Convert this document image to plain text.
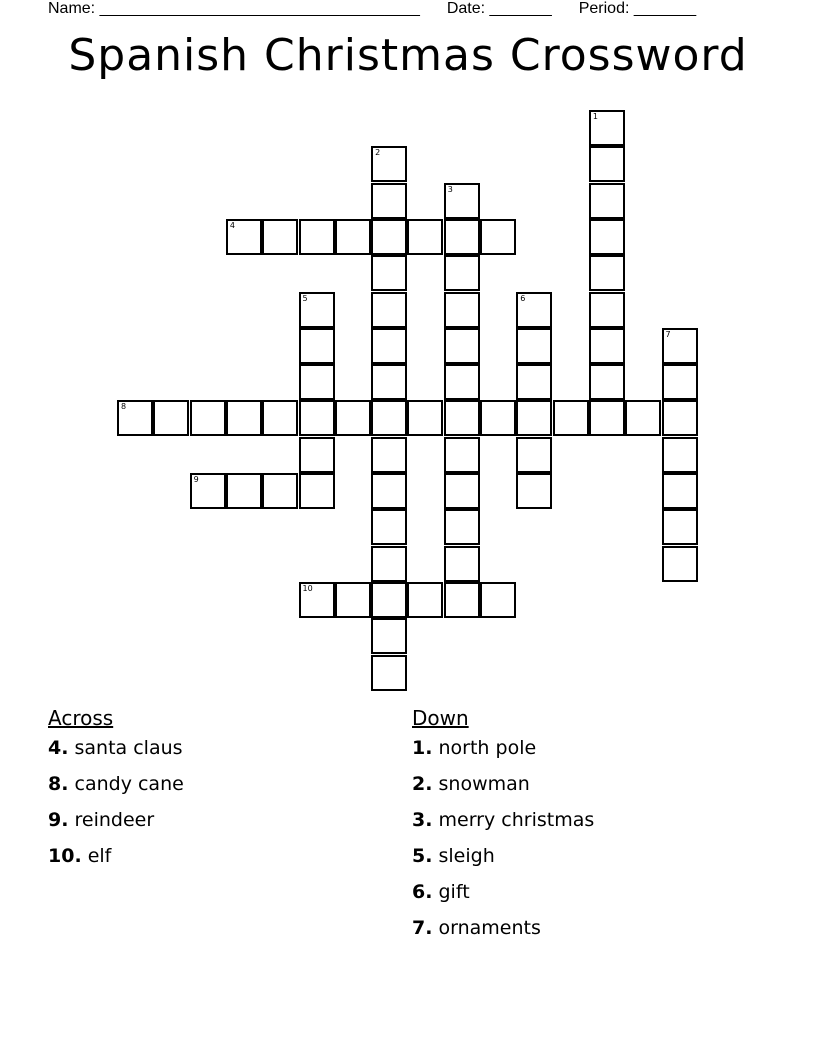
Name: ____________________________________ Date: _______ Period: _______
Spanish Christmas Crossword
1
2
3
4
5	6
7
8
9
10
Across
4. santa claus
8. candy cane
9. reindeer
10. elf
Down
1. north pole
2. snowman
3. merry christmas
5. sleigh
6. gift
7. ornaments
